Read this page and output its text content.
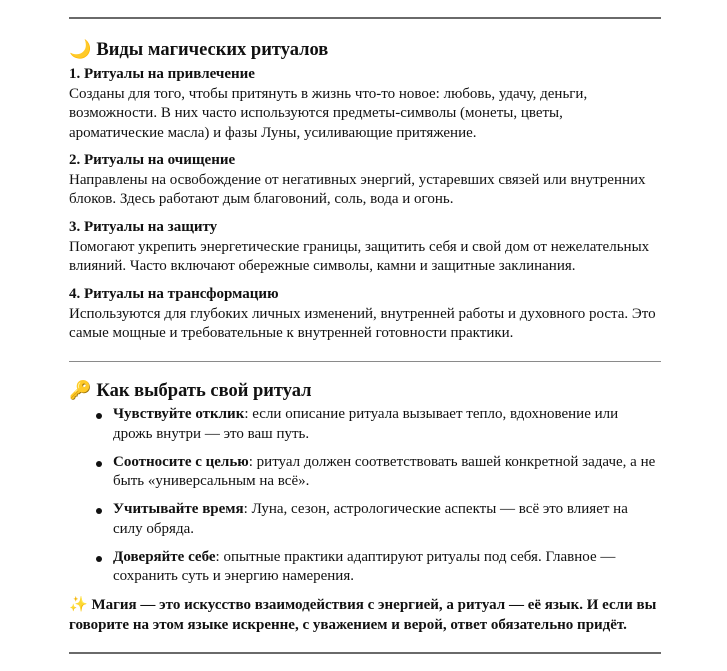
🌙 Виды магических ритуалов
1. Ритуалы на привлечение
Созданы для того, чтобы притянуть в жизнь что-то новое: любовь, удачу, деньги, возможности. В них часто используются предметы-символы (монеты, цветы, ароматические масла) и фазы Луны, усиливающие притяжение.
2. Ритуалы на очищение
Направлены на освобождение от негативных энергий, устаревших связей или внутренних блоков. Здесь работают дым благовоний, соль, вода и огонь.
3. Ритуалы на защиту
Помогают укрепить энергетические границы, защитить себя и свой дом от нежелательных влияний. Часто включают обережные символы, камни и защитные заклинания.
4. Ритуалы на трансформацию
Используются для глубоких личных изменений, внутренней работы и духовного роста. Это самые мощные и требовательные к внутренней готовности практики.
🔑 Как выбрать свой ритуал
Чувствуйте отклик: если описание ритуала вызывает тепло, вдохновение или дрожь внутри — это ваш путь.
Соотносите с целью: ритуал должен соответствовать вашей конкретной задаче, а не быть «универсальным на всё».
Учитывайте время: Луна, сезон, астрологические аспекты — всё это влияет на силу обряда.
Доверяйте себе: опытные практики адаптируют ритуалы под себя. Главное — сохранить суть и энергию намерения.
✨ Магия — это искусство взаимодействия с энергией, а ритуал — её язык. И если вы говорите на этом языке искренне, с уважением и верой, ответ обязательно придёт.
